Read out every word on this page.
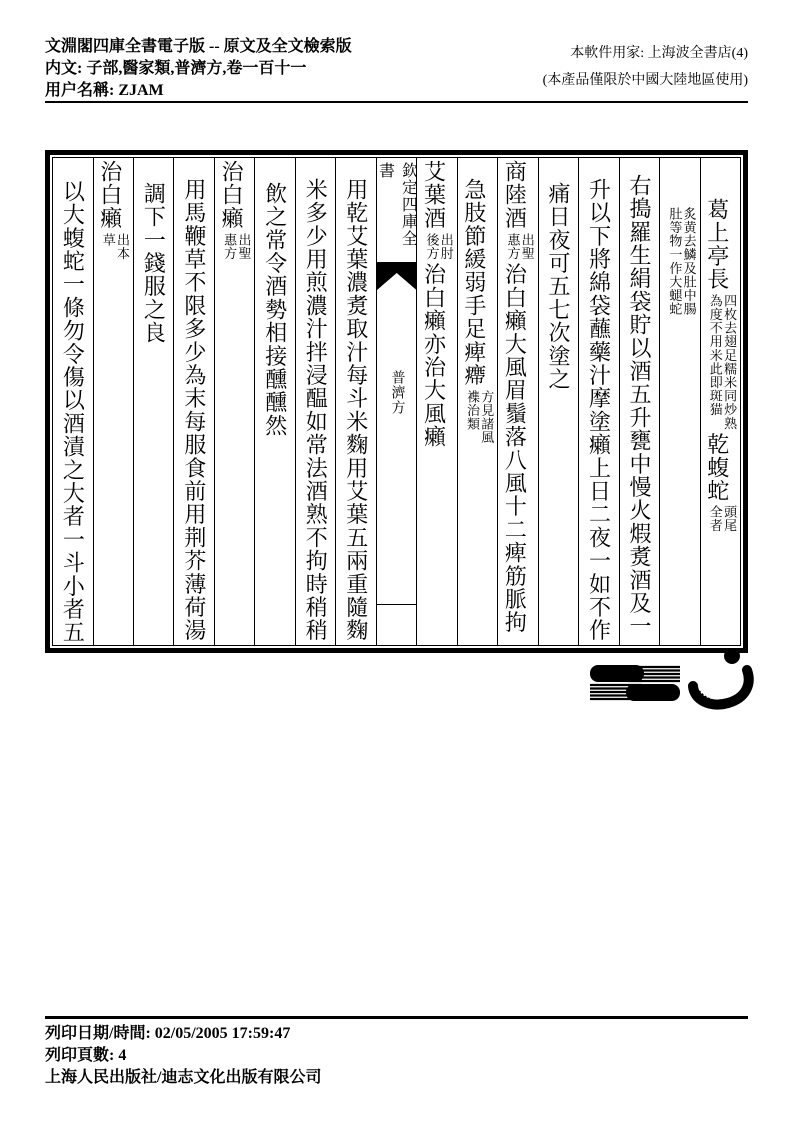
文淵閣四庫全書電子版 -- 原文及全文檢索版
内文: 子部,醫家類,普濟方,卷一百十一
用户名稱: ZJAM
本軟件用家: 上海波全書店(4)
(本產品僅限於中國大陸地區使用)
葛上亭長
四枚去翅足糯米同炒熟
為度不用米此即斑猫
乾蝮蛇
頭尾
全者
炙黄去鱗及肚中腸
肚等物一作大螁蛇
右搗羅生絹袋貯以酒五升甕中慢火煆煑酒及一
升以下將綿袋蘸藥汁摩塗癩上日二夜一如不作
痛日夜可五七次塗之
商陸酒
出聖
惠方
治白癩大風眉鬚落八風十二痺筋脈拘
急肢節緩弱手足痺㿃
方見諸風
襍治類
艾葉酒
出肘
後方
治白癩亦治大風癩
欽定四庫全書
普濟方
用乾艾葉濃煑取汁每斗米麴用艾葉五兩重隨麴
米多少用煎濃汁拌浸醖如常法酒熟不拘時稍稍
飲之常令酒勢相接醺醺然
治白癩
出聖
惠方
用馬鞭草不限多少為末每服食前用荆芥薄荷湯
調下一錢服之良
治白癩
出本
草
以大蝮蛇一條勿令傷以酒漬之大者一斗小者五
列印日期/時間: 02/05/2005 17:59:47
列印頁數: 4
上海人民出版社/迪志文化出版有限公司
